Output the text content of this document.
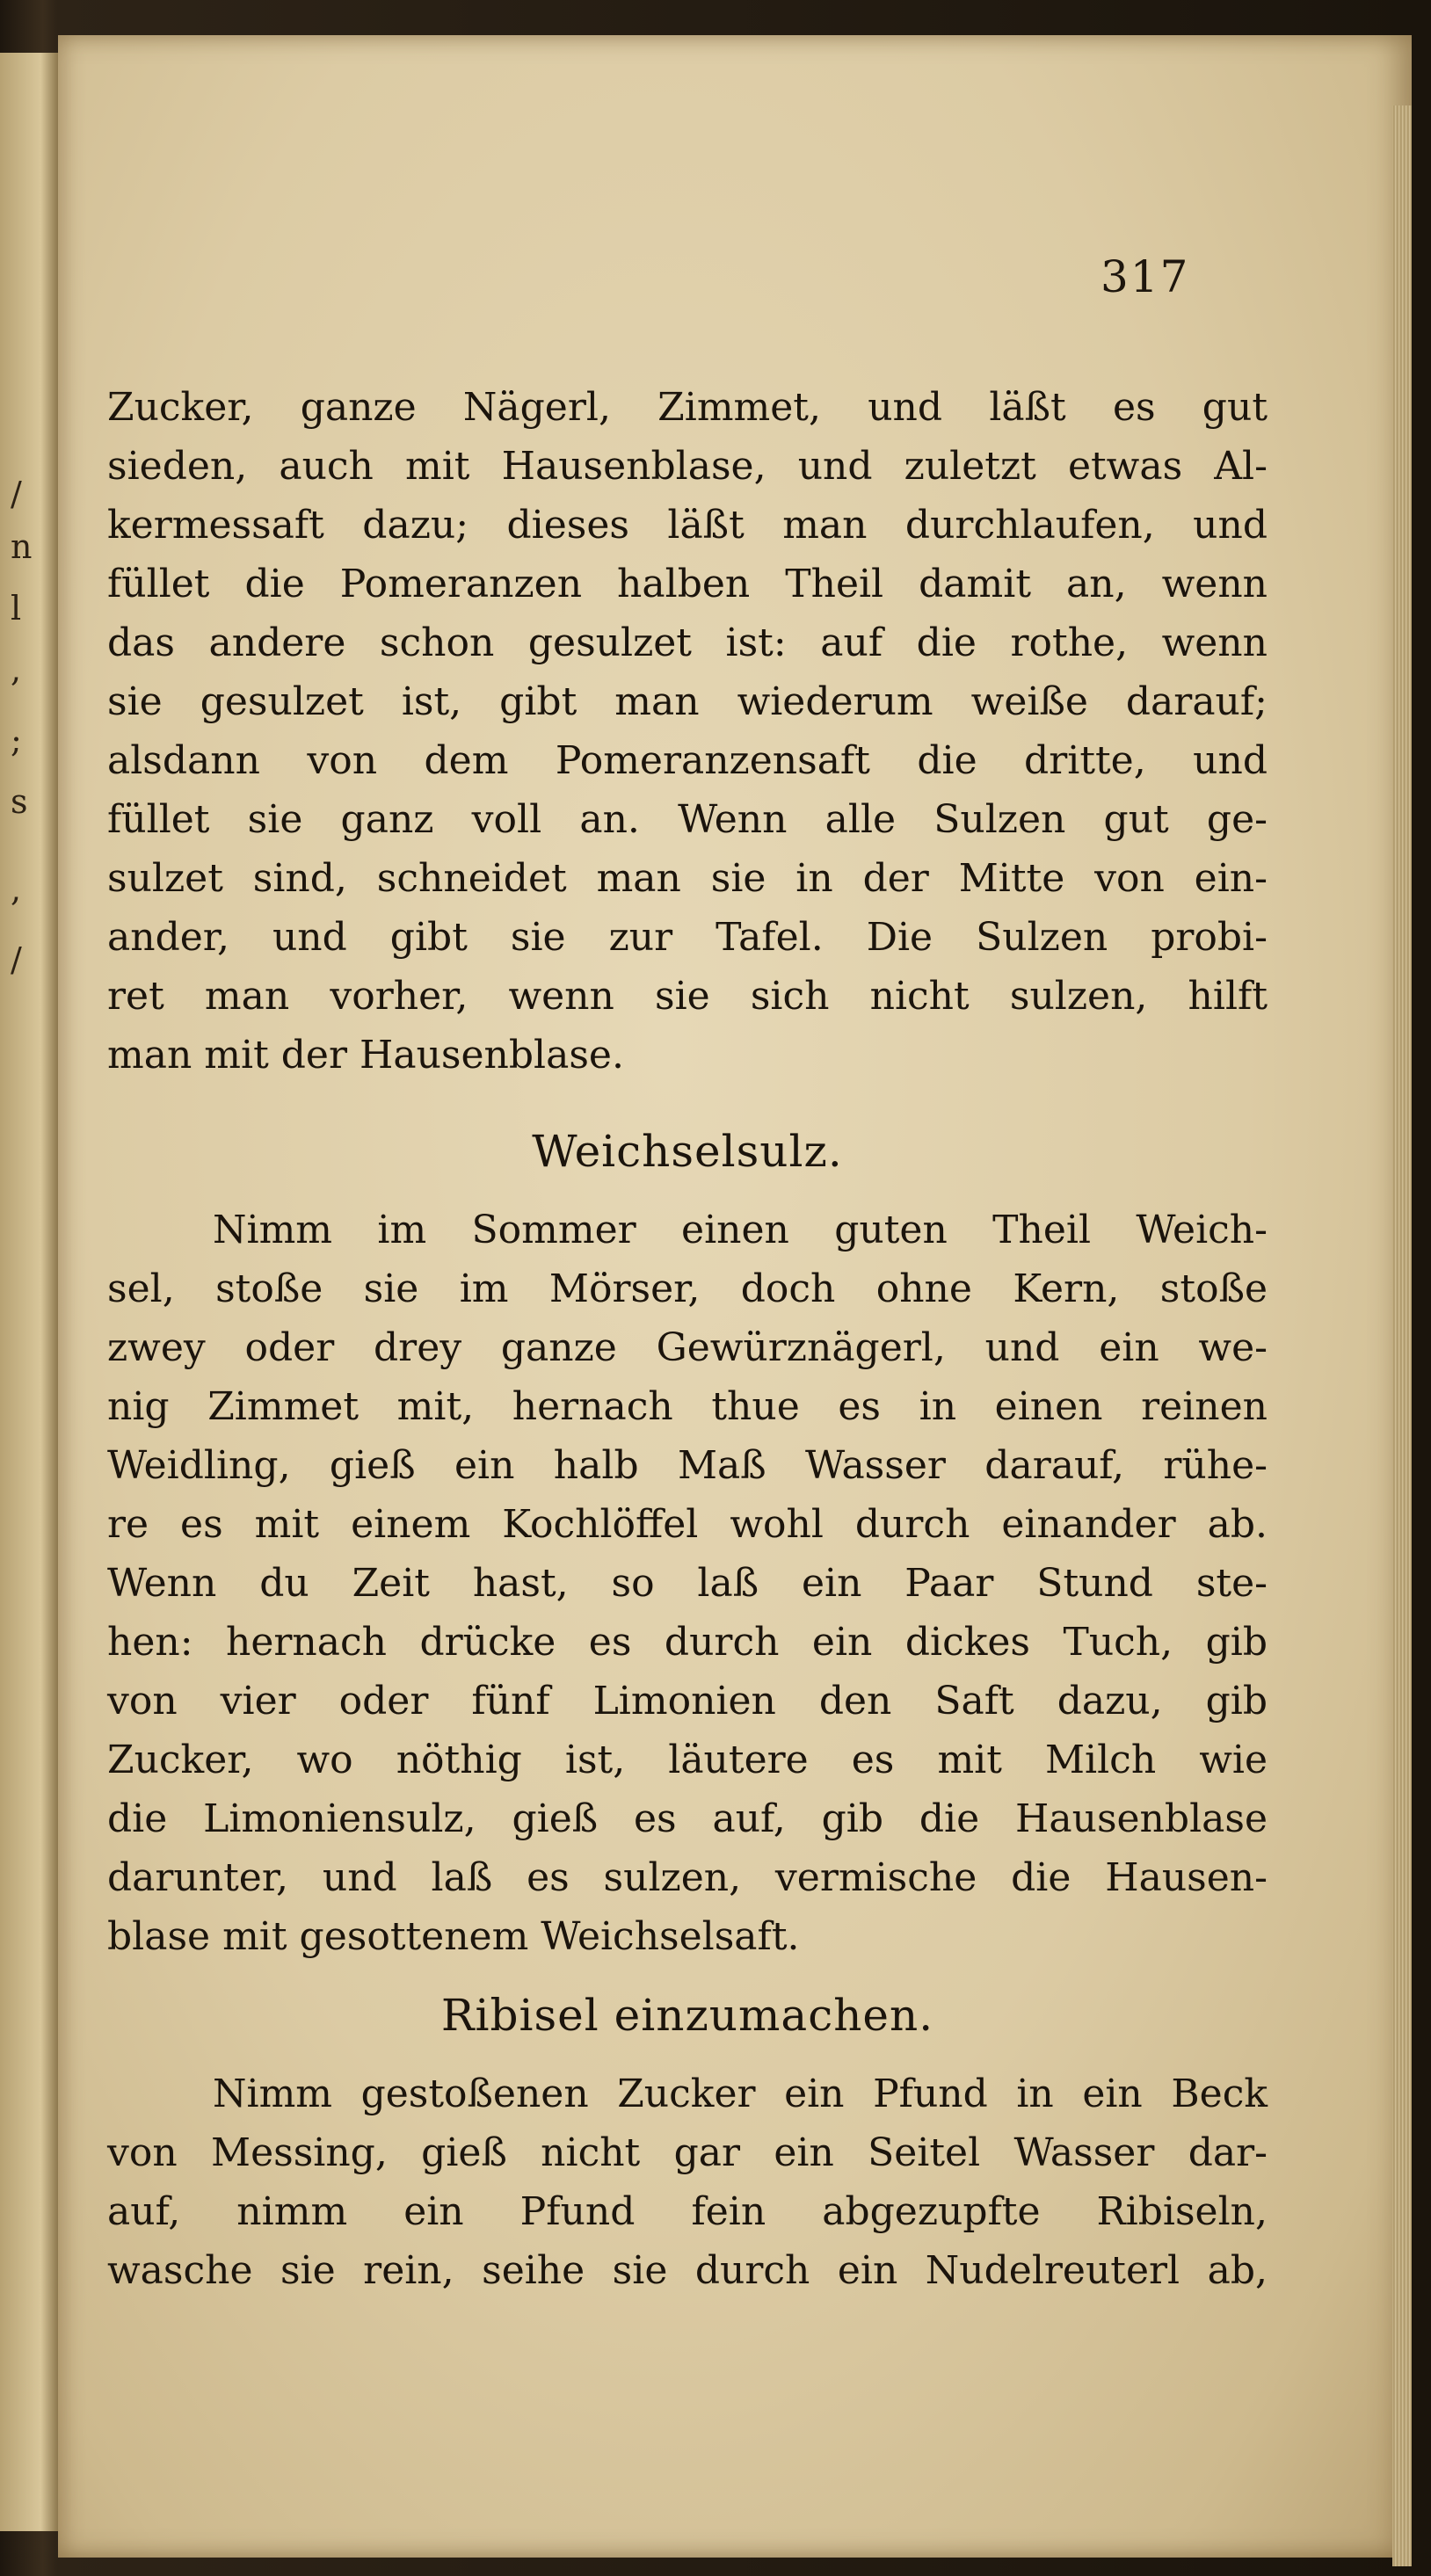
/
n
l
,
;
s
,
/
317
Zucker, ganze Nägerl, Zimmet, und läßt es gut
sieden, auch mit Hausenblase, und zuletzt etwas Al-
kermessaft dazu; dieses läßt man durchlaufen, und
füllet die Pomeranzen halben Theil damit an, wenn
das andere schon gesulzet ist: auf die rothe, wenn
sie gesulzet ist, gibt man wiederum weiße darauf;
alsdann von dem Pomeranzensaft die dritte, und
füllet sie ganz voll an. Wenn alle Sulzen gut ge-
sulzet sind, schneidet man sie in der Mitte von ein-
ander, und gibt sie zur Tafel. Die Sulzen probi-
ret man vorher, wenn sie sich nicht sulzen, hilft
man mit der Hausenblase.
Weichselsulz.
Nimm im Sommer einen guten Theil Weich-
sel, stoße sie im Mörser, doch ohne Kern, stoße
zwey oder drey ganze Gewürznägerl, und ein we-
nig Zimmet mit, hernach thue es in einen reinen
Weidling, gieß ein halb Maß Wasser darauf, rühe-
re es mit einem Kochlöffel wohl durch einander ab.
Wenn du Zeit hast, so laß ein Paar Stund ste-
hen: hernach drücke es durch ein dickes Tuch, gib
von vier oder fünf Limonien den Saft dazu, gib
Zucker, wo nöthig ist, läutere es mit Milch wie
die Limoniensulz, gieß es auf, gib die Hausenblase
darunter, und laß es sulzen, vermische die Hausen-
blase mit gesottenem Weichselsaft.
Ribisel einzumachen.
Nimm gestoßenen Zucker ein Pfund in ein Beck
von Messing, gieß nicht gar ein Seitel Wasser dar-
auf, nimm ein Pfund fein abgezupfte Ribiseln,
wasche sie rein, seihe sie durch ein Nudelreuterl ab,
